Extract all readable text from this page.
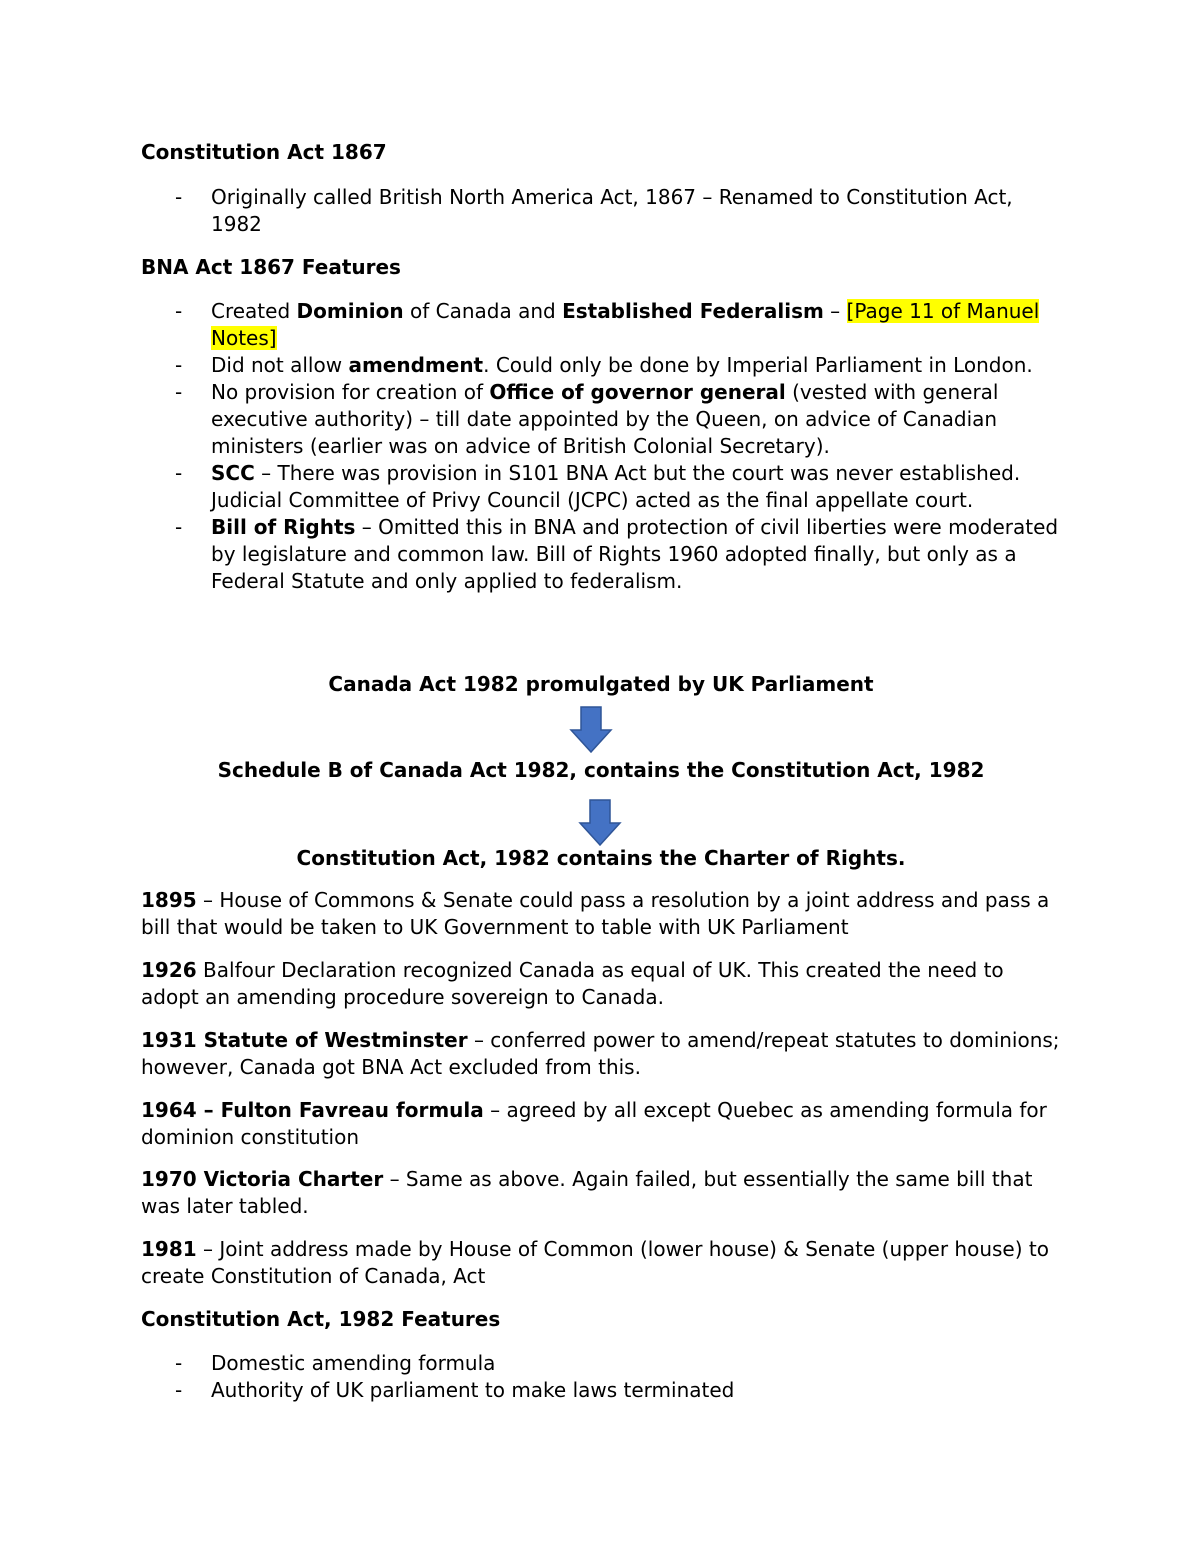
Constitution Act 1867

- Originally called British North America Act, 1867 – Renamed to Constitution Act, 1982

BNA Act 1867 Features

- Created Dominion of Canada and Established Federalism – [Page 11 of Manuel Notes]
- Did not allow amendment. Could only be done by Imperial Parliament in London.
- No provision for creation of Office of governor general (vested with general executive authority) – till date appointed by the Queen, on advice of Canadian ministers (earlier was on advice of British Colonial Secretary).
- SCC – There was provision in S101 BNA Act but the court was never established. Judicial Committee of Privy Council (JCPC) acted as the final appellate court.
- Bill of Rights – Omitted this in BNA and protection of civil liberties were moderated by legislature and common law. Bill of Rights 1960 adopted finally, but only as a Federal Statute and only applied to federalism.
Canada Act 1982 promulgated by UK Parliament
Schedule B of Canada Act 1982, contains the Constitution Act, 1982
Constitution Act, 1982 contains the Charter of Rights.

1895 – House of Commons & Senate could pass a resolution by a joint address and pass a bill that would be taken to UK Government to table with UK Parliament

1926 Balfour Declaration recognized Canada as equal of UK. This created the need to adopt an amending procedure sovereign to Canada.

1931 Statute of Westminster – conferred power to amend/repeat statutes to dominions; however, Canada got BNA Act excluded from this.

1964 – Fulton Favreau formula – agreed by all except Quebec as amending formula for dominion constitution

1970 Victoria Charter – Same as above. Again failed, but essentially the same bill that was later tabled.

1981 – Joint address made by House of Common (lower house) & Senate (upper house) to create Constitution of Canada, Act

Constitution Act, 1982 Features

- Domestic amending formula
- Authority of UK parliament to make laws terminated
